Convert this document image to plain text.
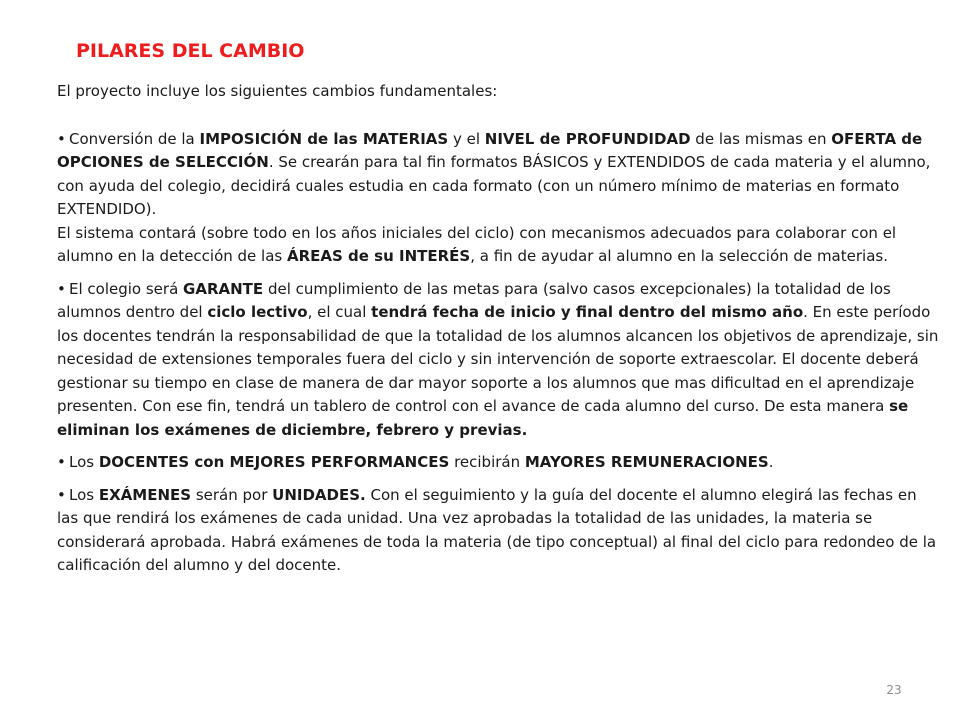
PILARES DEL CAMBIO

El proyecto incluye los siguientes cambios fundamentales:

• Conversión de la IMPOSICIÓN de las MATERIAS y el NIVEL de PROFUNDIDAD de las mismas en OFERTA de OPCIONES de SELECCIÓN. Se crearán para tal fin formatos BÁSICOS y EXTENDIDOS de cada materia y el alumno, con ayuda del colegio, decidirá cuales estudia en cada formato (con un número mínimo de materias en formato EXTENDIDO).

El sistema contará (sobre todo en los años iniciales del ciclo) con mecanismos adecuados para colaborar con el alumno en la detección de las ÁREAS de su INTERÉS, a fin de ayudar al alumno en la selección de materias.

• El colegio será GARANTE del cumplimiento de las metas para (salvo casos excepcionales) la totalidad de los alumnos dentro del ciclo lectivo, el cual tendrá fecha de inicio y final dentro del mismo año. En este período los docentes tendrán la responsabilidad de que la totalidad de los alumnos alcancen los objetivos de aprendizaje, sin necesidad de extensiones temporales fuera del ciclo y sin intervención de soporte extraescolar. El docente deberá gestionar su tiempo en clase de manera de dar mayor soporte a los alumnos que mas dificultad en el aprendizaje presenten. Con ese fin, tendrá un tablero de control con el avance de cada alumno del curso. De esta manera se eliminan los exámenes de diciembre, febrero y previas.

• Los DOCENTES con MEJORES PERFORMANCES recibirán MAYORES REMUNERACIONES.

• Los EXÁMENES serán por UNIDADES. Con el seguimiento y la guía del docente el alumno elegirá las fechas en las que rendirá los exámenes de cada unidad. Una vez aprobadas la totalidad de las unidades, la materia se considerará aprobada. Habrá exámenes de toda la materia (de tipo conceptual) al final del ciclo para redondeo de la calificación del alumno y del docente.

23
